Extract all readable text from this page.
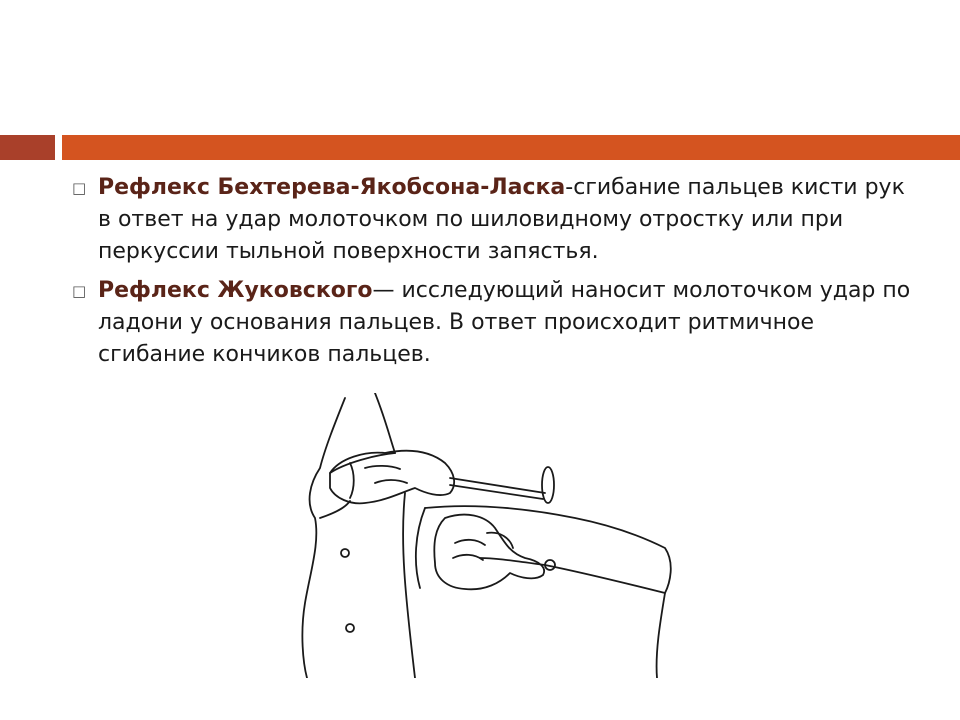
□ Рефлекс Бехтерева-Якобсона-Ласка-сгибание пальцев кисти рук в ответ на удар молоточком по шиловидному отростку или при перкуссии тыльной поверхности запястья.
□ Рефлекс Жуковского— исследующий наносит молоточком удар по ладони у основания пальцев. В ответ происходит ритмичное сгибание кончиков пальцев.
